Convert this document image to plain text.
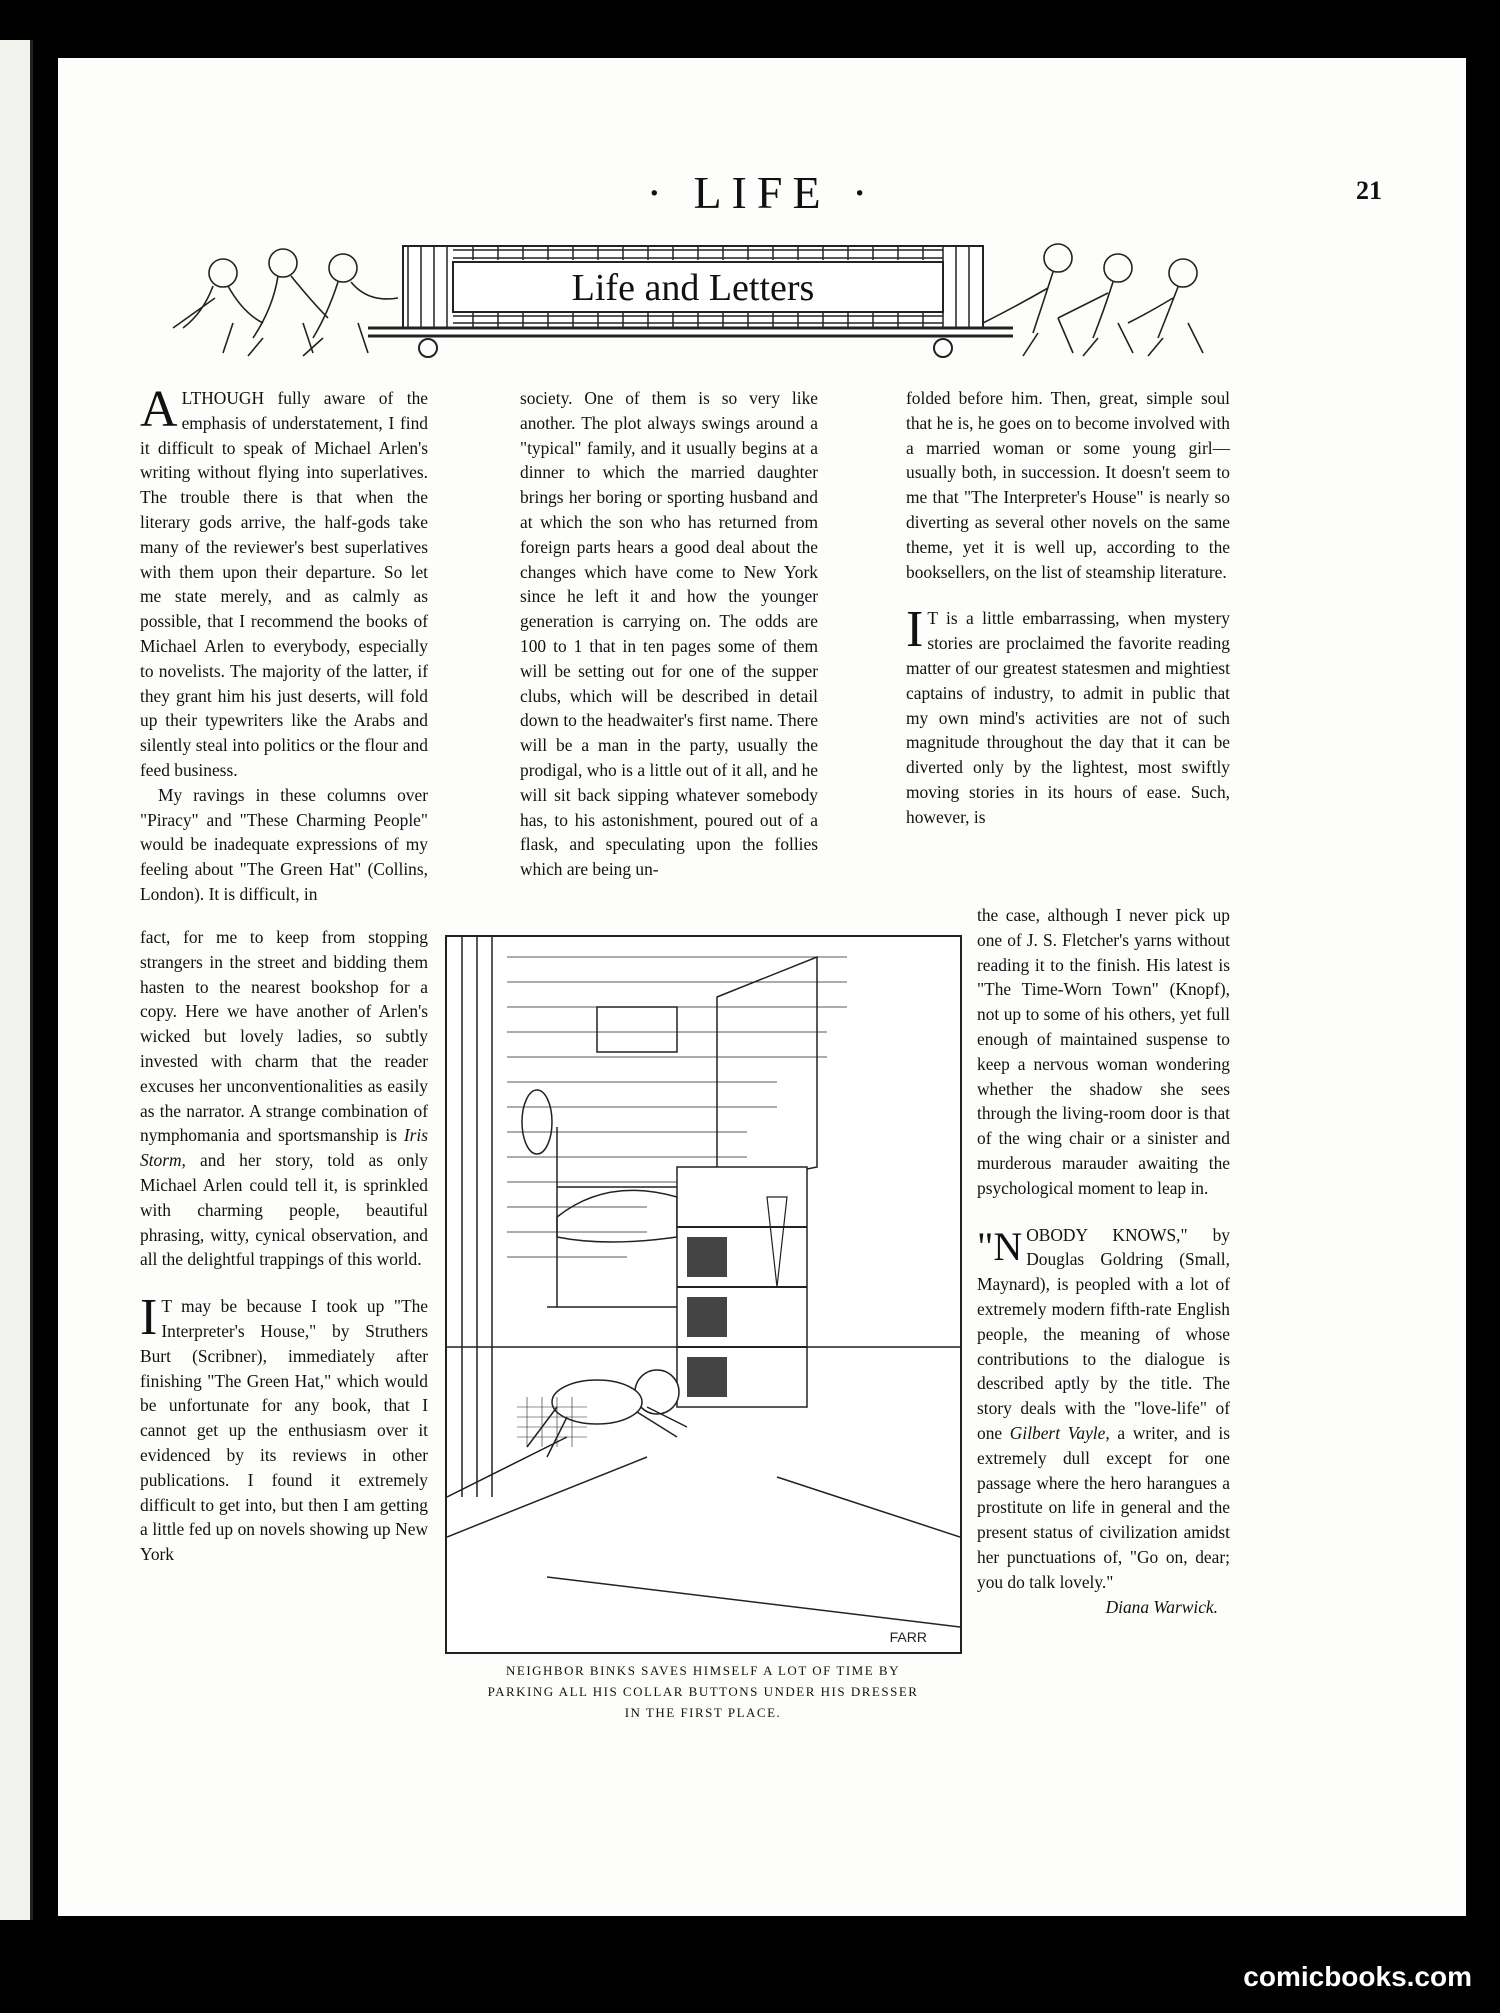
· LIFE ·	21
Life and Letters

ALTHOUGH fully aware of the emphasis of understatement, I find it difficult to speak of Michael Arlen's writing without flying into superlatives. The trouble there is that when the literary gods arrive, the half-gods take many of the reviewer's best superlatives with them upon their departure. So let me state merely, and as calmly as possible, that I recommend the books of Michael Arlen to everybody, especially to novelists. The majority of the latter, if they grant him his just deserts, will fold up their typewriters like the Arabs and silently steal into politics or the flour and feed business.

My ravings in these columns over "Piracy" and "These Charming People" would be inadequate expressions of my feeling about "The Green Hat" (Collins, London). It is difficult, in

fact, for me to keep from stopping strangers in the street and bidding them hasten to the nearest bookshop for a copy. Here we have another of Arlen's wicked but lovely ladies, so subtly invested with charm that the reader excuses her unconventionalities as easily as the narrator. A strange combination of nymphomania and sportsmanship is Iris Storm, and her story, told as only Michael Arlen could tell it, is sprinkled with charming people, beautiful phrasing, witty, cynical observation, and all the delightful trappings of this world.

I T may be because I took up "The Interpreter's House," by Struthers Burt (Scribner), immediately after finishing "The Green Hat," which would be unfortunate for any book, that I cannot get up the enthusiasm over it evidenced by its reviews in other publications. I found it extremely difficult to get into, but then I am getting a little fed up on novels showing up New York

society. One of them is so very like another. The plot always swings around a "typical" family, and it usually begins at a dinner to which the married daughter brings her boring or sporting husband and at which the son who has returned from foreign parts hears a good deal about the changes which have come to New York since he left it and how the younger generation is carrying on. The odds are 100 to 1 that in ten pages some of them will be setting out for one of the supper clubs, which will be described in detail down to the headwaiter's first name. There will be a man in the party, usually the prodigal, who is a little out of it all, and he will sit back sipping whatever somebody has, to his astonishment, poured out of a flask, and speculating upon the follies which are being un-

folded before him. Then, great, simple soul that he is, he goes on to become involved with a married woman or some young girl—usually both, in succession. It doesn't seem to me that "The Interpreter's House" is nearly so diverting as several other novels on the same theme, yet it is well up, according to the booksellers, on the list of steamship literature.

I T is a little embarrassing, when mystery stories are proclaimed the favorite reading matter of our greatest statesmen and mightiest captains of industry, to admit in public that my own mind's activities are not of such magnitude throughout the day that it can be diverted only by the lightest, most swiftly moving stories in its hours of ease. Such, however, is

the case, although I never pick up one of J. S. Fletcher's yarns without reading it to the finish. His latest is "The Time-Worn Town" (Knopf), not up to some of his others, yet full enough of maintained suspense to keep a nervous woman wondering whether the shadow she sees through the living-room door is that of the wing chair or a sinister and murderous marauder awaiting the psychological moment to leap in.

"NOBODY KNOWS," by Douglas Goldring (Small, Maynard), is peopled with a lot of extremely modern fifth-rate English people, the meaning of whose contributions to the dialogue is described aptly by the title. The story deals with the "love-life" of one Gilbert Vayle, a writer, and is extremely dull except for one passage where the hero harangues a prostitute on life in general and the present status of civilization amidst her punctuations of, "Go on, dear; you do talk lovely."

Diana Warwick.

FARR
NEIGHBOR BINKS SAVES HIMSELF A LOT OF TIME BY
PARKING ALL HIS COLLAR BUTTONS UNDER HIS DRESSER
IN THE FIRST PLACE.
comicbooks.com
